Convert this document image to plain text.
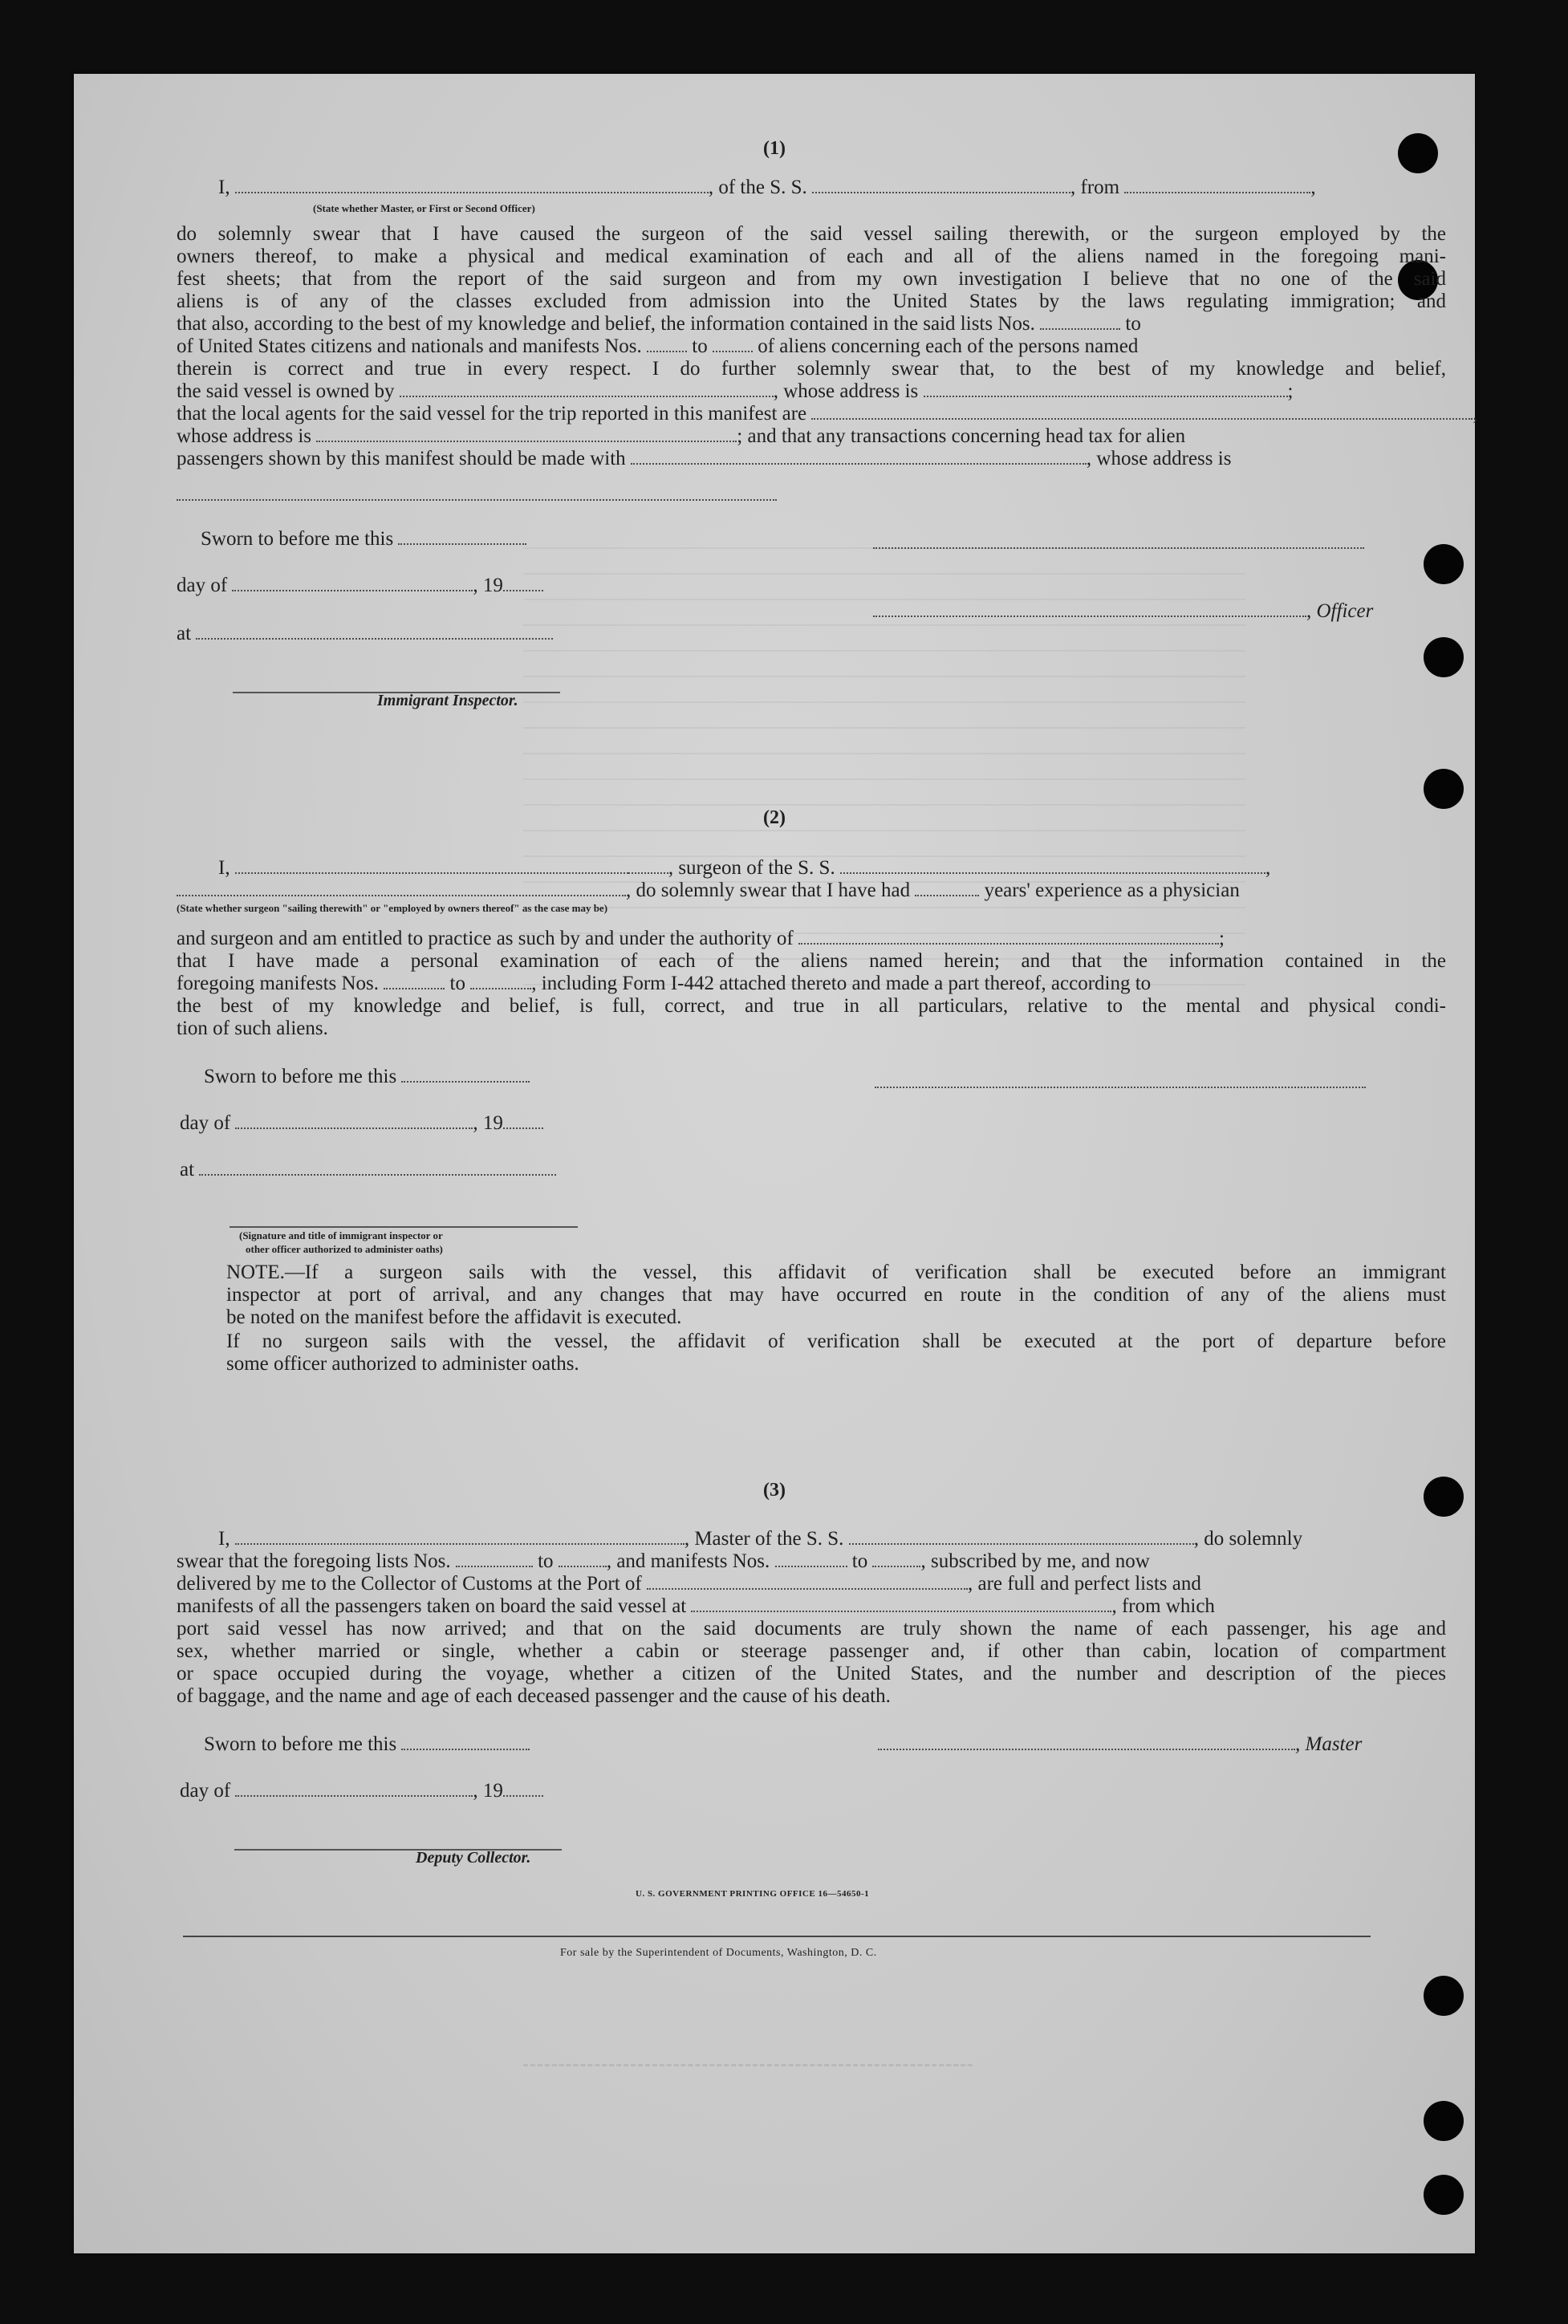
(1)
I,	, of the S. S.	, from	,
(State whether Master, or First or Second Officer)
do solemnly swear that I have caused the surgeon of the said vessel sailing therewith, or the surgeon employed by the
owners thereof, to make a physical and medical examination of each and all of the aliens named in the foregoing mani-
fest sheets; that from the report of the said surgeon and from my own investigation I believe that no one of the said
aliens is of any of the classes excluded from admission into the United States by the laws regulating immigration; and
that also, according to the best of my knowledge and belief, the information contained in the said lists Nos.	to
of United States citizens and nationals and manifests Nos.	to	of aliens concerning each of the persons named
therein is correct and true in every respect. I do further solemnly swear that, to the best of my knowledge and belief,
the said vessel is owned by	, whose address is	;
that the local agents for the said vessel for the trip reported in this manifest are	,
whose address is	; and that any transactions concerning head tax for alien
passengers shown by this manifest should be made with	, whose address is
Sworn to before me this
day of	, 19
, Officer
at
Immigrant Inspector.

(2)
I,	, surgeon of the S. S.	,
, do solemnly swear that I have had	years' experience as a physician
(State whether surgeon "sailing therewith" or "employed by owners thereof" as the case may be)
and surgeon and am entitled to practice as such by and under the authority of	;
that I have made a personal examination of each of the aliens named herein; and that the information contained in the
foregoing manifests Nos.	to	, including Form I-442 attached thereto and made a part thereof, according to
the best of my knowledge and belief, is full, correct, and true in all particulars, relative to the mental and physical condi-
tion of such aliens.
Sworn to before me this
day of	, 19
at
(Signature and title of immigrant inspector or
other officer authorized to administer oaths)
NOTE.—If a surgeon sails with the vessel, this affidavit of verification shall be executed before an immigrant
inspector at port of arrival, and any changes that may have occurred en route in the condition of any of the aliens must
be noted on the manifest before the affidavit is executed.
If no surgeon sails with the vessel, the affidavit of verification shall be executed at the port of departure before
some officer authorized to administer oaths.
(3)
I,	, Master of the S. S.	, do solemnly
swear that the foregoing lists Nos.	to	, and manifests Nos.	to	, subscribed by me, and now
delivered by me to the Collector of Customs at the Port of	, are full and perfect lists and
manifests of all the passengers taken on board the said vessel at	, from which
port said vessel has now arrived; and that on the said documents are truly shown the name of each passenger, his age and
sex, whether married or single, whether a cabin or steerage passenger and, if other than cabin, location of compartment
or space occupied during the voyage, whether a citizen of the United States, and the number and description of the pieces
of baggage, and the name and age of each deceased passenger and the cause of his death.
Sworn to before me this	, Master
day of	, 19
Deputy Collector.
U. S. GOVERNMENT PRINTING OFFICE 16—54650-1
For sale by the Superintendent of Documents, Washington, D. C.
